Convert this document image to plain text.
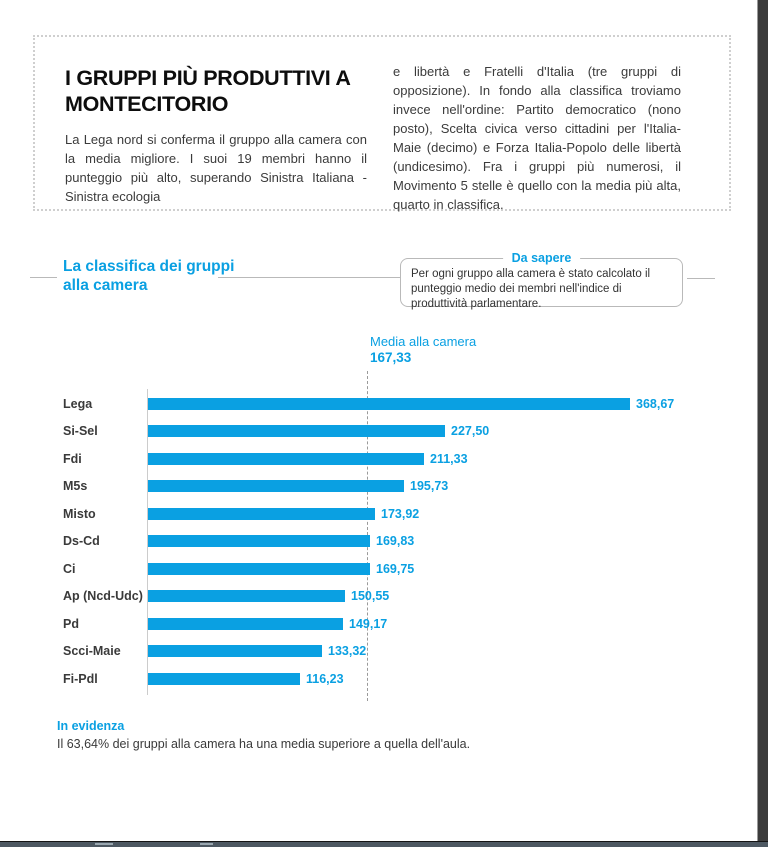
I GRUPPI PIÙ PRODUTTIVI A MONTECITORIO

La Lega nord si conferma il gruppo alla camera con la media migliore. I suoi 19 membri hanno il punteggio più alto, superando Sinistra Italiana - Sinistra ecologia

e libertà e Fratelli d'Italia (tre gruppi di opposizione). In fondo alla classifica troviamo invece nell'ordine: Partito democratico (nono posto), Scelta civica verso cittadini per l'Italia-Maie (decimo) e Forza Italia-Popolo delle libertà (undicesimo). Fra i gruppi più numerosi, il Movimento 5 stelle è quello con la media più alta, quarto in classifica.

La classifica dei gruppi
alla camera
Da sapere

Per ogni gruppo alla camera è stato calcolato il punteggio medio dei membri nell'indice di produttività parlamentare.

Media alla camera
167,33
Lega	368,67
Si-Sel	227,50
Fdi	211,33
M5s	195,73
Misto	173,92
Ds-Cd	169,83
Ci	169,75
Ap (Ncd-Udc)	150,55
Pd	149,17
Scci-Maie	133,32
Fi-Pdl	116,23
In evidenza
Il 63,64% dei gruppi alla camera ha una media superiore a quella dell'aula.
